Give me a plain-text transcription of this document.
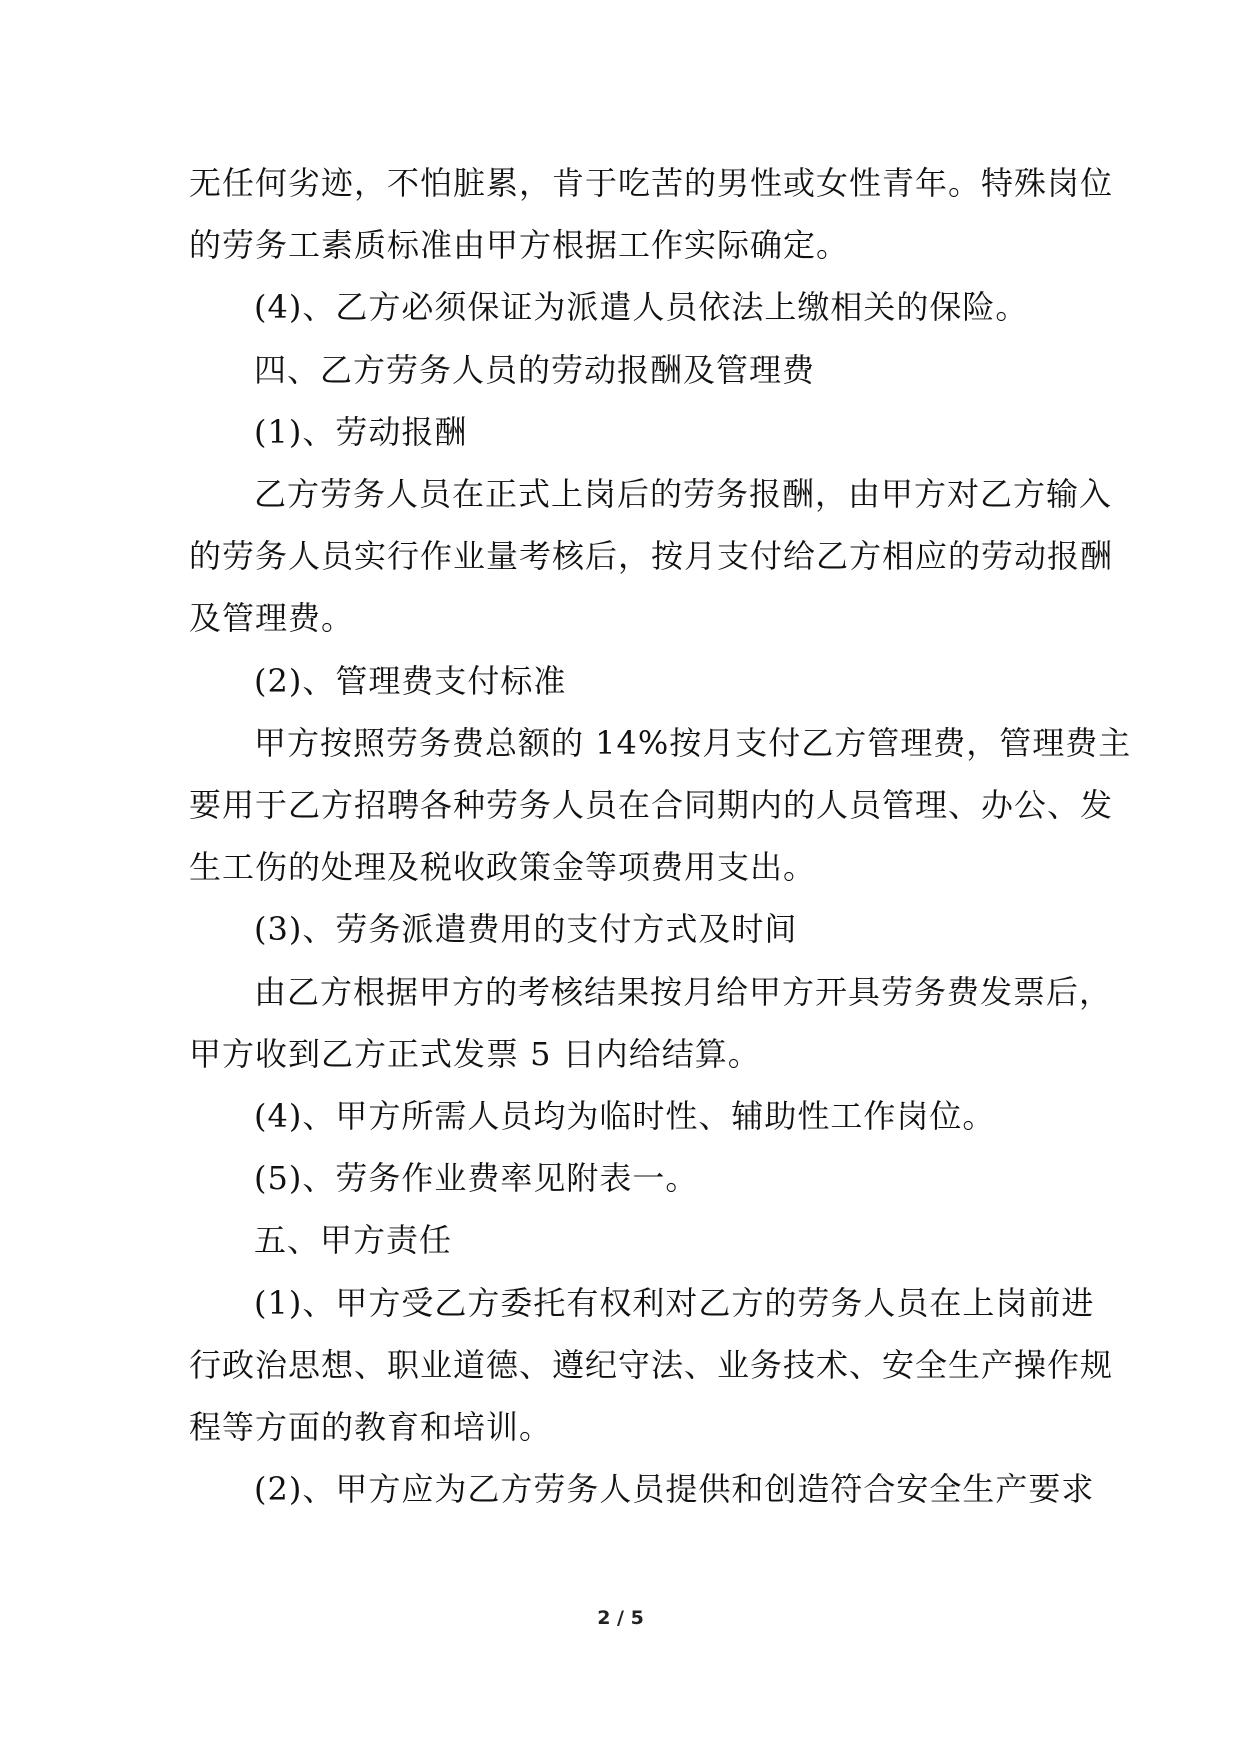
无任何劣迹，不怕脏累，肯于吃苦的男性或女性青年。特殊岗位
的劳务工素质标准由甲方根据工作实际确定。
(4)、乙方必须保证为派遣人员依法上缴相关的保险。
四、乙方劳务人员的劳动报酬及管理费
(1)、劳动报酬
乙方劳务人员在正式上岗后的劳务报酬，由甲方对乙方输入
的劳务人员实行作业量考核后，按月支付给乙方相应的劳动报酬
及管理费。
(2)、管理费支付标准
甲方按照劳务费总额的 14%按月支付乙方管理费，管理费主
要用于乙方招聘各种劳务人员在合同期内的人员管理、办公、发
生工伤的处理及税收政策金等项费用支出。
(3)、劳务派遣费用的支付方式及时间
由乙方根据甲方的考核结果按月给甲方开具劳务费发票后，
甲方收到乙方正式发票 5 日内给结算。
(4)、甲方所需人员均为临时性、辅助性工作岗位。
(5)、劳务作业费率见附表一。
五、甲方责任
(1)、甲方受乙方委托有权利对乙方的劳务人员在上岗前进
行政治思想、职业道德、遵纪守法、业务技术、安全生产操作规
程等方面的教育和培训。
(2)、甲方应为乙方劳务人员提供和创造符合安全生产要求
2 / 5
